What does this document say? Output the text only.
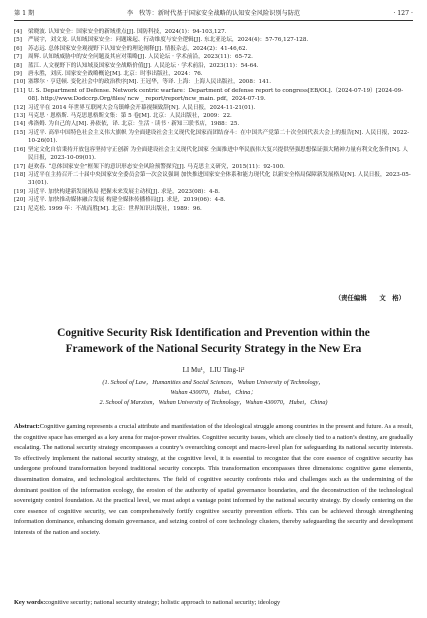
第 1 期	李　牧等：新时代基于国家安全战略的认知安全风险识别与防范	· 127 ·
[4]	梁晓波. 认知安全：国家安全的新域重点[J]. 国防科技，2024(1)：94-103,127.
[5]	严展宇，刘文龙. 认知域国家安全：问题缘起、行动维度与安全逻辑[J]. 东北亚论坛，2024(4)：57-76,127-128.
[6]	苏志远. 总体国家安全观视野下认知安全的理论阐释[J]. 情报杂志，2024(2)：41-46,62.
[7]	周辉. 认知域威胁中的安全问题及其应对策略[J]. 人民论坛 · 学术前沿，2023(11)：65-72.
[8]	蓝江. 人文视野下的认知域及国家安全战略价值[J]. 人民论坛 · 学术前沿，2023(11)：54-64.
[9]	唐永胜，刘庆. 国家安全战略概论[M]. 北京：时事出版社，2024：76.
[10] 塞缪尔 · 亨廷顿. 变化社会中的政治秩序[M]. 王冠华，等译. 上海：上海人民出版社，2008：141.
[11] U. S. Department of Defense. Network centric warfare：Department of defense report to congress[EB/OL].（2024-07-19）[2024-09-08]. http://www.Dodccrp.Org/files/ ncw _ report/report/ncw_main. pdf，2024-07-19.
[12] 习近平在 2014 年世界互联网大会乌镇峰会开幕视频致辞[N]. 人民日报，2024-11-21(01).
[13] 马克思 · 恩格斯. 马克思恩格斯文集：第 5 卷[M]. 北京：人民出版社，2009：22.
[14] 弗洛姆. 为自己的人[M]. 孙依依，译. 北京：生活 · 读书 · 新知三联书店，1988：25.
[15] 习近平. 高举中国特色社会主义伟大旗帜 为全面建设社会主义现代化国家而团结奋斗：在中国共产党第二十次全国代表大会上的报告[N]. 人民日报，2022-10-26(01).
[16] 坚定文化自信秉持开放包容坚持守正创新 为全面建设社会主义现代化国家 全面推进中华民族伟大复兴提供坚强思想保证强大精神力量有利文化条件[N]. 人民日报，2023-10-09(01).
[17] 赵欢春. “总体国家安全”框架下的意识形态安全风险预警探究[J]. 马克思主义研究，2015(11)：92-100.
[18] 习近平在主持召开二十届中央国家安全委员会第一次会议强调 加快推进国家安全体系和能力现代化 以新安全格局保障新发展格局[N]. 人民日报，2023-05-31(01).
[19] 习近平. 加快构建新发展格局 把握未来发展主动权[J]. 求是，2023(08)：4-8.
[20] 习近平. 加快推动媒体融合发展 构建全媒体传播格局[J]. 求是，2019(06)：4-8.
[21] 尼克松. 1999 年：不战而胜[M]. 北京：世界知识出版社，1989：96.
（责任编辑　　文　格）
Cognitive Security Risk Identification and Prevention within the
Framework of the National Security Strategy in the New Era
LI Mu¹，LIU Ting-li²
(1. School of Law，Humanities and Social Sciences，Wuhan University of Technology，
Wuhan 430070，Hubei，China；
2. School of Marxism，Wuhan University of Technology，Wuhan 430070，Hubei，China)
Abstract:Cognitive gaming represents a crucial attribute and manifestation of the ideological struggle among countries in the present and future. As a result, the cognitive space has emerged as a key arena for major-power rivalries. Cognitive security issues, which are closely tied to a nation’s destiny, are gradually escalating. The national security strategy encompasses a country’s overarching concept and macro-level plan for safeguarding its national security interests. To effectively implement the national security strategy, at the cognitive level, it is essential to recognize that the core essence of cognitive security has undergone profound transformation beyond traditional security concepts. This transformation encompasses three dimensions: cognitive game elements, dissemination domains, and technological architectures. The field of cognitive security confronts risks and challenges such as the undermining of the dominant position of the information ecology, the erosion of the authority of spatial governance boundaries, and the deconstruction of the technological sovereignty control foundation. At the practical level, we must adopt a vantage point informed by the national security strategy. By closely centering on the core essence of cognitive security, we can comprehensively fortify cognitive security prevention efforts. This can be achieved through strengthening information dominance, enhancing domain governance, and seizing control of core technology clusters, thereby safeguarding the security and development interests of the nation and society.
Key words:cognitive security; national security strategy; holistic approach to national security; ideology
